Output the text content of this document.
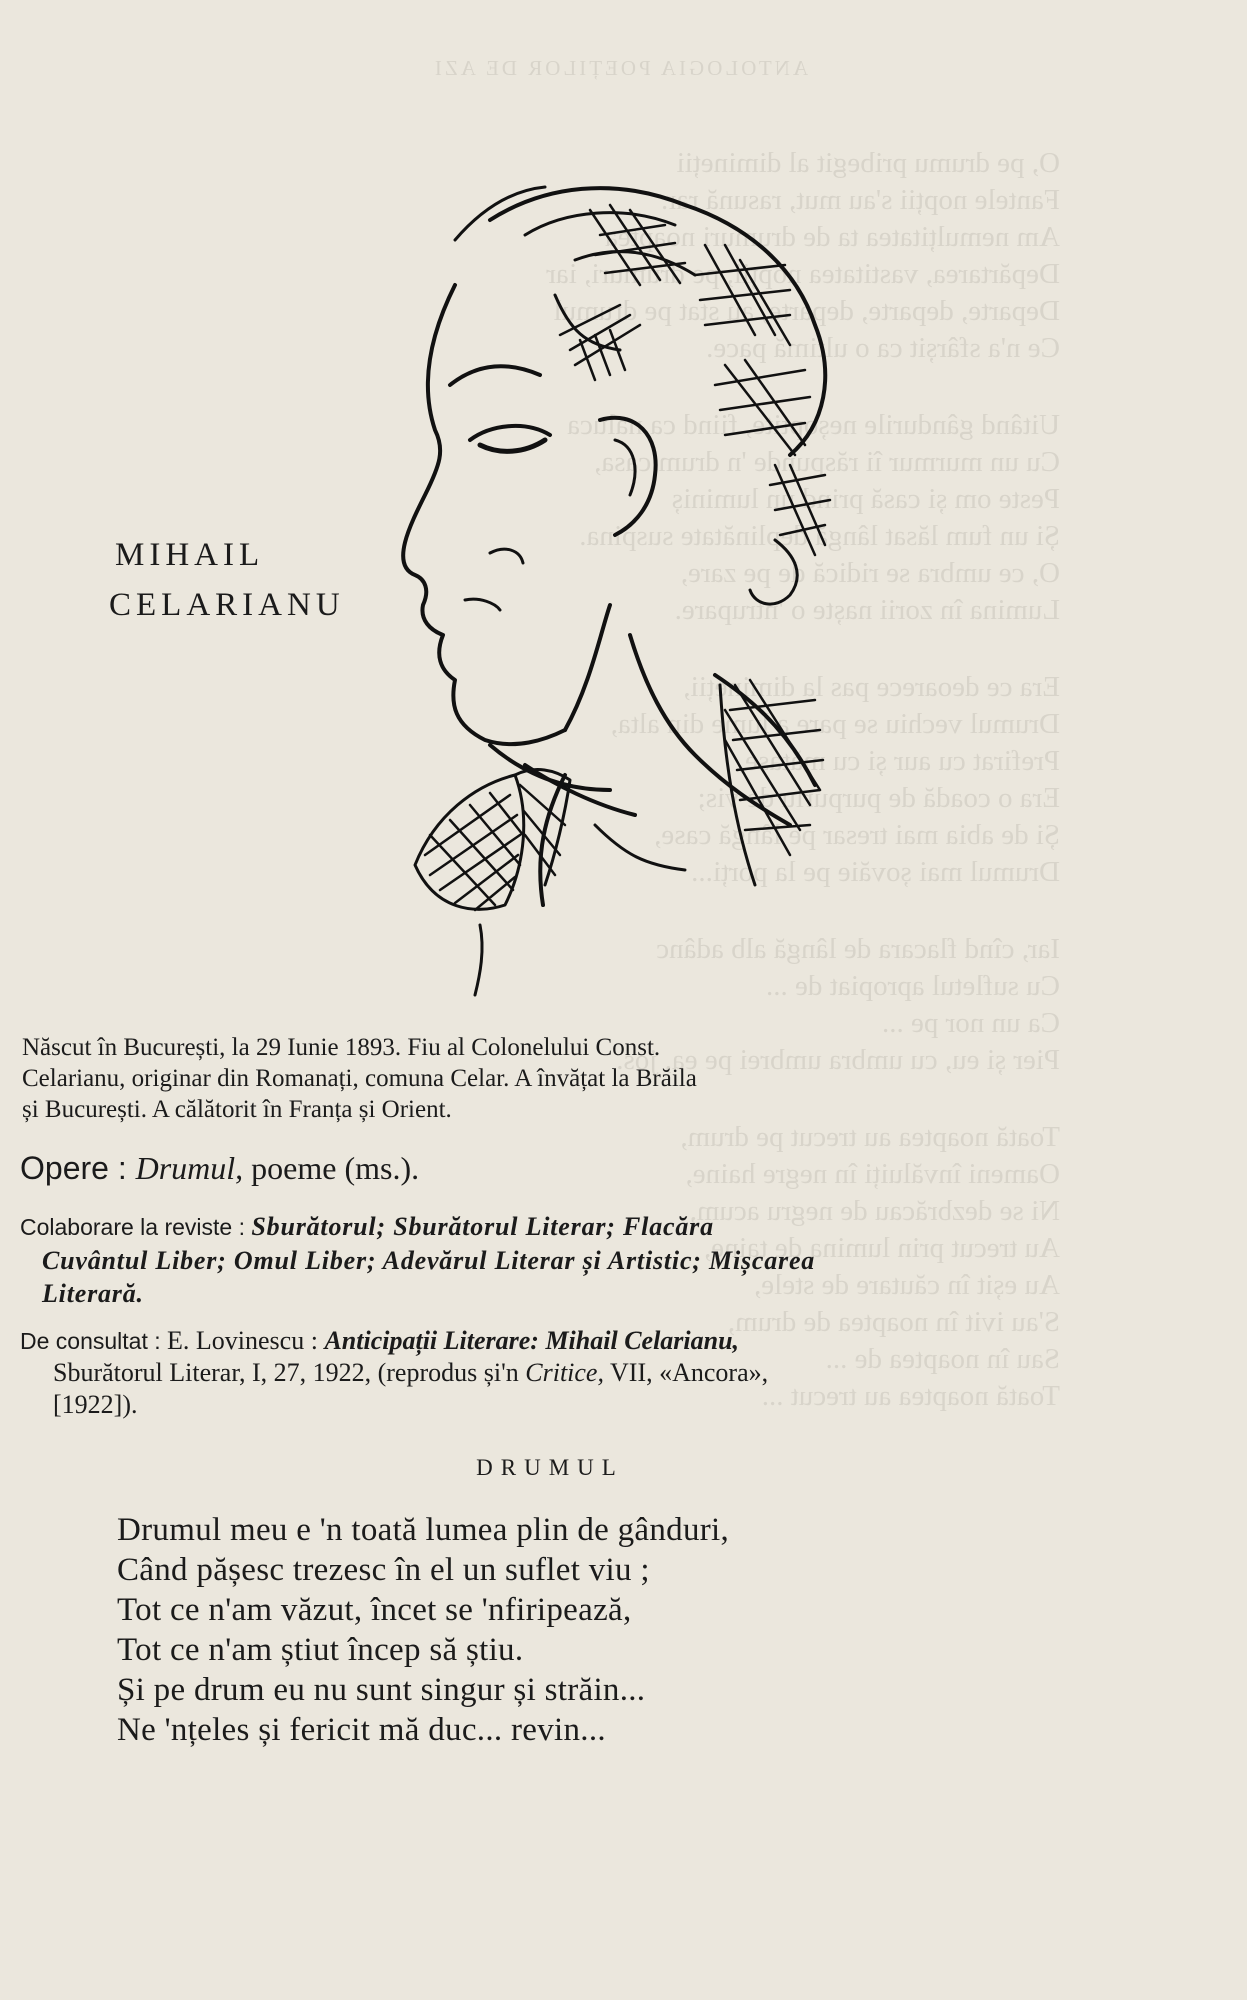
ANTOLOGIA POEȚILOR DE AZI
O, pe drumu pribegit al dimineții
Fantele nopții s'au mut, rasună rar.
Am nemulțitatea ta de drumuri noaptea
Depărtarea, vastitatea nopții, pe drumuri, iar
Departe, departe, departe, au stat pe drumul
Ce n'a sfârșit ca o ultimă pace.
Uitând gândurile neșoptite, fiind ca naluca
Cu un murmur îi răspunde 'n drum casa,
Peste om și casă prind un luminiș
Și un fum lăsat lângă deplinătate suspina.
O, ce umbra se ridică de pe zare,
Lumina în zorii naște o 'ntrupare.
Era ce deoarece pas la dimineții,
Drumul vechiu se pare a lume din alta,
Prefirat cu aur și cu mătase,
Era o coadă de purpuriu de vis;
Și de abia mai tresar pe lângă case,
Drumul mai șovăie pe la porți...
Iar, cînd flacara de lângă alb adânc
Cu sufletul apropiat de ...
Ca un nor pe ...
Pier și eu, cu umbra umbrei pe ea, jos.
Toată noaptea au trecut pe drum,
Oameni învăluiți în negre haine,
Ni se dezbrăcau de negru acum,
Au trecut prin lumina de taine,
Au eșit în căutare de stele,
S'au ivit în noaptea de drum,
Sau în noaptea de ...
Toată noaptea au trecut ...
MIHAIL
CELARIANU
Născut în București, la 29 Iunie 1893. Fiu al Colonelului Const.
Celarianu, originar din Romanați, comuna Celar. A învățat la Brăila
și București. A călătorit în Franța și Orient.
Opere : Drumul, poeme (ms.).
Colaborare la reviste : Sburătorul; Sburătorul Literar; Flacăra
Cuvântul Liber; Omul Liber; Adevărul Literar și Artistic; Mișcarea
Literară.
De consultat : E. Lovinescu : Anticipații Literare: Mihail Celarianu,
Sburătorul Literar, I, 27, 1922, (reprodus și'n Critice, VII, «Ancora»,
[1922]).
DRUMUL
Drumul meu e 'n toată lumea plin de gânduri,
Când pășesc trezesc în el un suflet viu ;
Tot ce n'am văzut, încet se 'nfiripează,
Tot ce n'am știut încep să știu.
Și pe drum eu nu sunt singur și străin...
Ne 'nțeles și fericit mă duc... revin...
